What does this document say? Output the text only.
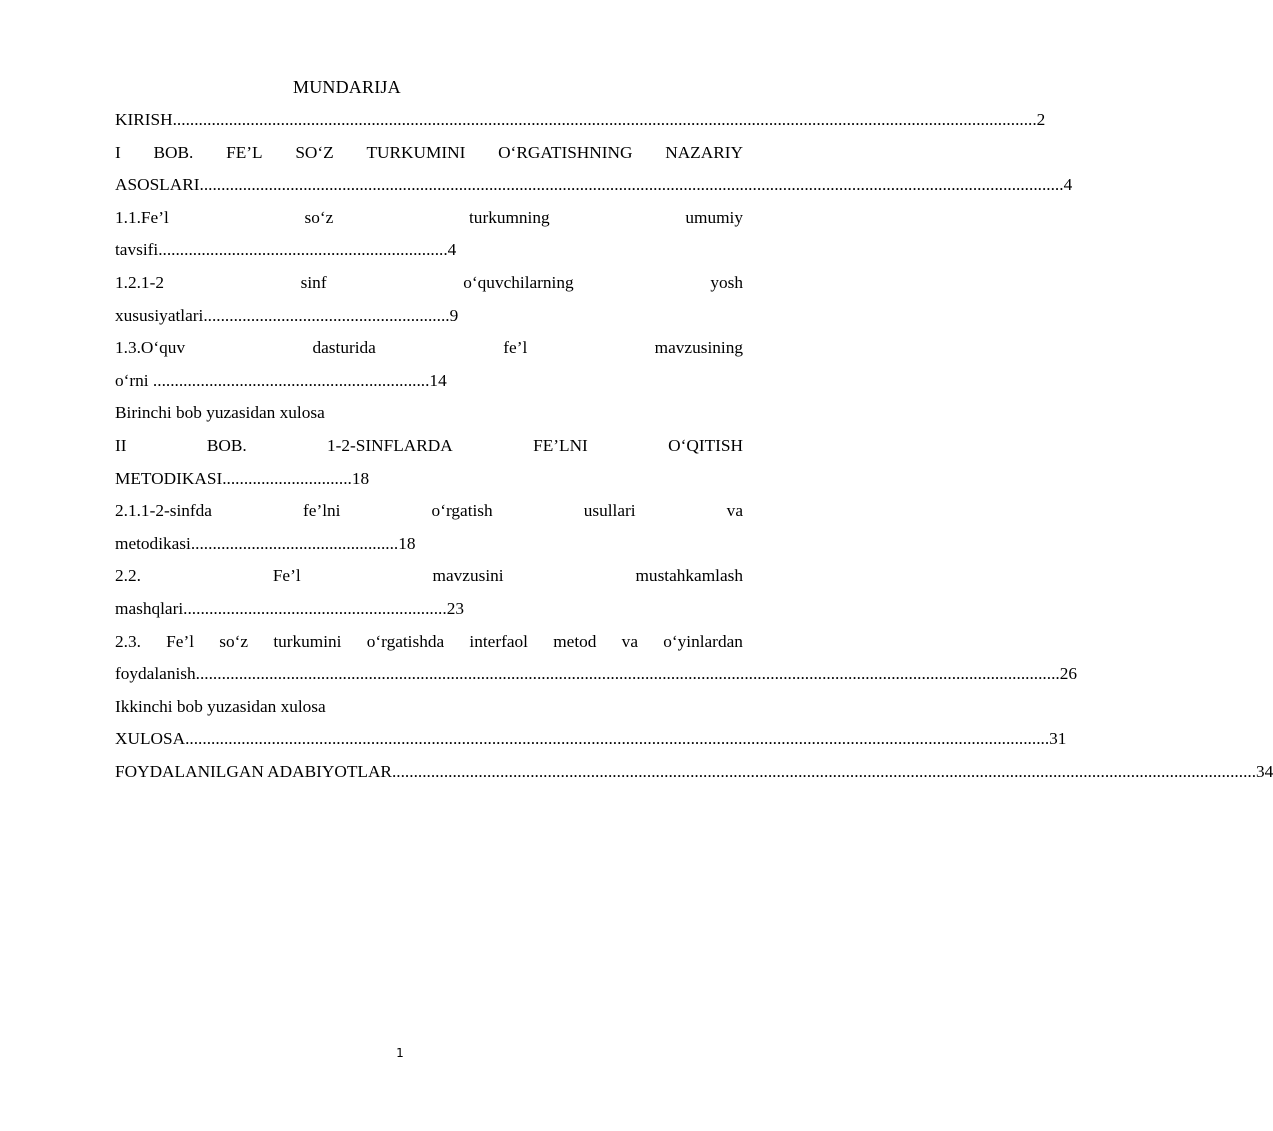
MUNDARIJA
KIRISH ........................................................................................................................................................................................................ 2
I BOB. FE’L SO‘Z TURKUMINI O‘RGATISHNING NAZARIY
ASOSLARI ........................................................................................................................................................................................................ 4
1.1.Fe’l	so‘z	turkumning	umumiy
tavsifi...................................................................4
1.2.1-2	sinf	o‘quvchilarning	yosh
xususiyatlari.........................................................9
1.3.O‘quv	dasturida	fe’l	mavzusining
o‘rni ................................................................14
Birinchi bob yuzasidan xulosa
II	BOB.	1-2-SINFLARDA	FE’LNI	O‘QITISH
METODIKASI..............................18
2.1.1-2-sinfda	fe’lni	o‘rgatish	usullari	va
metodikasi................................................18
2.2.	Fe’l	mavzusini	mustahkamlash
mashqlari.............................................................23
2.3. Fe’l so‘z turkumini o‘rgatishda interfaol metod va o‘yinlardan
foydalanish ........................................................................................................................................................................................................ 26
Ikkinchi bob yuzasidan xulosa
XULOSA ........................................................................................................................................................................................................ 31
FOYDALANILGAN ADABIYOTLAR ........................................................................................................................................................................................................ 34
1
